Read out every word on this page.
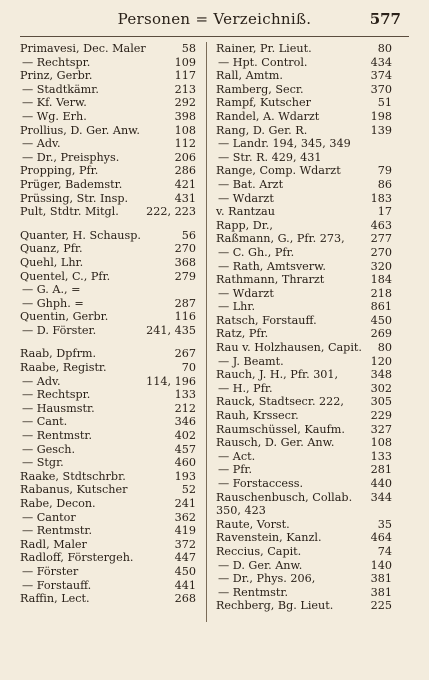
Personen = Verzeichniß.	577
Primavesi, Dec. Maler	58
— Rechtspr.	109
Prinz, Gerbr.	117
— Stadtkämr.	213
— Kf. Verw.	292
— Wg. Erh.	398
Prollius, D. Ger. Anw.	108
— Adv.	112
— Dr., Preisphys.	206
Propping, Pfr.	286
Prüger, Bademstr.	421
Prüssing, Str. Insp.	431
Pult, Stdtr. Mitgl. 222, 223
Quanter, H. Schausp.	56
Quanz, Pfr.	270
Quehl, Lhr.	368
Quentel, C., Pfr.	279
— G. A., =
— Ghph. =	287
Quentin, Gerbr.	116
— D. Förster.	241, 435
Raab, Dpfrm.	267
Raabe, Registr.	70
— Adv.	114, 196
— Rechtspr.	133
— Hausmstr.	212
— Cant.	346
— Rentmstr.	402
— Gesch.	457
— Stgr.	460
Raake, Stdtschrbr.	193
Rabanus, Kutscher	52
Rabe, Decon.	241
— Cantor	362
— Rentmstr.	419
Radl, Maler	372
Radloff, Förstergeh.	447
— Förster	450
— Forstauff.	441
Raffin, Lect.	268
Rainer, Pr. Lieut.	80
— Hpt. Control.	434
Rall, Amtm.	374
Ramberg, Secr.	370
Rampf, Kutscher	51
Randel, A. Wdarzt	198
Rang, D. Ger. R.	139
— Landr. 194, 345, 349
— Str. R. 429, 431
Range, Comp. Wdarzt	79
— Bat. Arzt	86
— Wdarzt	183
v. Rantzau	17
Rapp, Dr.,	463
Raßmann, G., Pfr. 273, 277
— C. Gh., Pfr.	270
— Rath, Amtsverw.	320
Rathmann, Thrarzt	184
— Wdarzt	218
— Lhr.	861
Ratsch, Forstauff.	450
Ratz, Pfr.	269
Rau v. Holzhausen, Capit. 80
— J. Beamt.	120
Rauch, J. H., Pfr. 301,	348
— H., Pfr.	302
Rauck, Stadtsecr. 222, 305
Rauh, Krssecr.	229
Raumschüssel, Kaufm. 327
Rausch, D. Ger. Anw.	108
— Act.	133
— Pfr.	281
— Forstaccess.	440
Rauschenbusch, Collab. 344
350, 423
Raute, Vorst.	35
Ravenstein, Kanzl.	464
Reccius, Capit.	74
— D. Ger. Anw.	140
— Dr., Phys. 206,	381
— Rentmstr.	381
Rechberg, Bg. Lieut.	225
